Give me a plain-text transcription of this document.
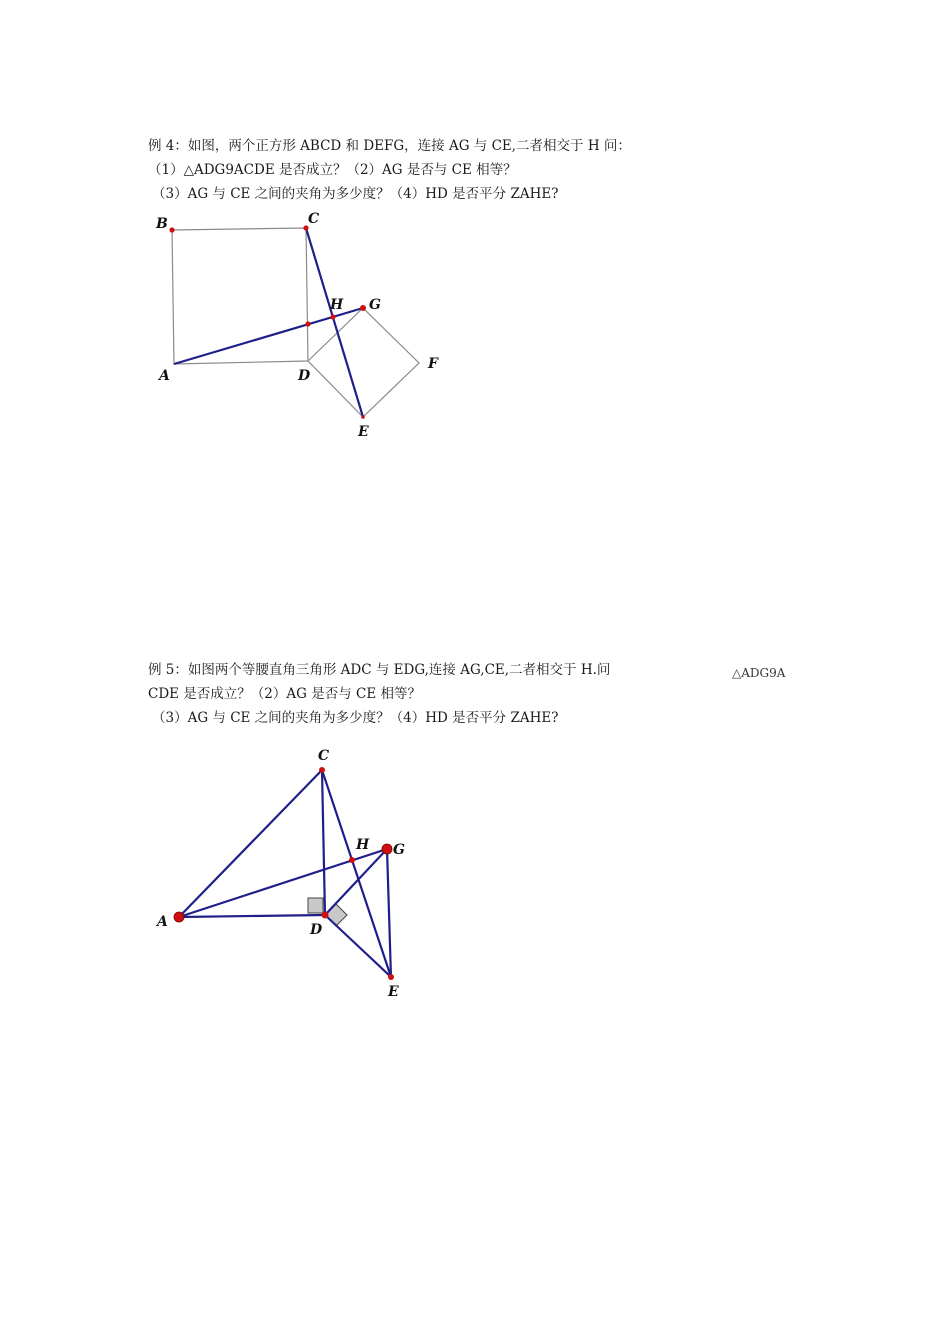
例 4：如图，两个正方形 ABCD 和 DEFG，连接 AG 与 CE,二者相交于 H 问：
（1）△ADG9ACDE 是否成立？（2）AG 是否与 CE 相等？
（3）AG 与 CE 之间的夹角为多少度？（4）HD 是否平分 ZAHE?
B	C
H G
F
A	D
E
例 5：如图两个等腰直角三角形 ADC 与 EDG,连接 AG,CE,二者相交于 H.问	△ADG9A
CDE 是否成立？（2）AG 是否与 CE 相等？
（3）AG 与 CE 之间的夹角为多少度？（4）HD 是否平分 ZAHE?
C
H G
A	D
E
